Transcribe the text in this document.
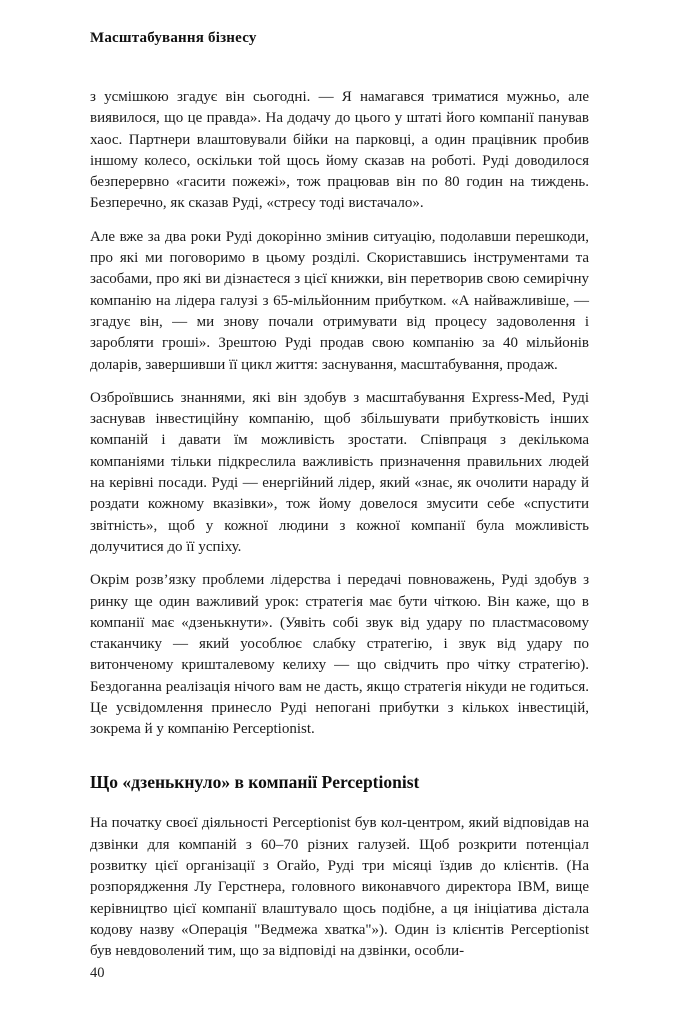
Масштабування бізнесу

з усмішкою згадує він сьогодні. — Я намагався триматися мужньо, але виявилося, що це правда». На додачу до цього у штаті його компанії панував хаос. Партнери влаштовували бійки на парковці, а один працівник пробив іншому колесо, оскільки той щось йому сказав на роботі. Руді доводилося безперервно «гасити пожежі», тож працював він по 80 годин на тиждень. Безперечно, як сказав Руді, «стресу тоді вистачало».

Але вже за два роки Руді докорінно змінив ситуацію, подолавши перешкоди, про які ми поговоримо в цьому розділі. Скориставшись інструментами та засобами, про які ви дізнаєтеся з цієї книжки, він перетворив свою семирічну компанію на лідера галузі з 65-мільйонним прибутком. «А найважливіше, — згадує він, — ми знову почали отримувати від процесу задоволення і заробляти гроші». Зрештою Руді продав свою компанію за 40 мільйонів доларів, завершивши її цикл життя: заснування, масштабування, продаж.

Озброївшись знаннями, які він здобув з масштабування Express-Med, Руді заснував інвестиційну компанію, щоб збільшувати прибутковість інших компаній і давати їм можливість зростати. Співпраця з декількома компаніями тільки підкреслила важливість призначення правильних людей на керівні посади. Руді — енергійний лідер, який «знає, як очолити нараду й роздати кожному вказівки», тож йому довелося змусити себе «спустити звітність», щоб у кожної людини з кожної компанії була можливість долучитися до її успіху.

Окрім розв’язку проблеми лідерства і передачі повноважень, Руді здобув з ринку ще один важливий урок: стратегія має бути чіткою. Він каже, що в компанії має «дзенькнути». (Уявіть собі звук від удару по пластмасовому стаканчику — який уособлює слабку стратегію, і звук від удару по витонченому кришталевому келиху — що свідчить про чітку стратегію). Бездоганна реалізація нічого вам не дасть, якщо стратегія нікуди не годиться. Це усвідомлення принесло Руді непогані прибутки з кількох інвестицій, зокрема й у компанію Perceptionist.

Що «дзенькнуло» в компанії Perceptionist

На початку своєї діяльності Perceptionist був кол-центром, який відповідав на дзвінки для компаній з 60–70 різних галузей. Щоб розкрити потенціал розвитку цієї організації з Огайо, Руді три місяці їздив до клієнтів. (На розпорядження Лу Герстнера, головного виконавчого директора IBM, вище керівництво цієї компанії влаштувало щось подібне, а ця ініціатива дістала кодову назву «Операція "Ведмежа хватка"»). Один із клієнтів Perceptionist був невдоволений тим, що за відповіді на дзвінки, особли-

40
